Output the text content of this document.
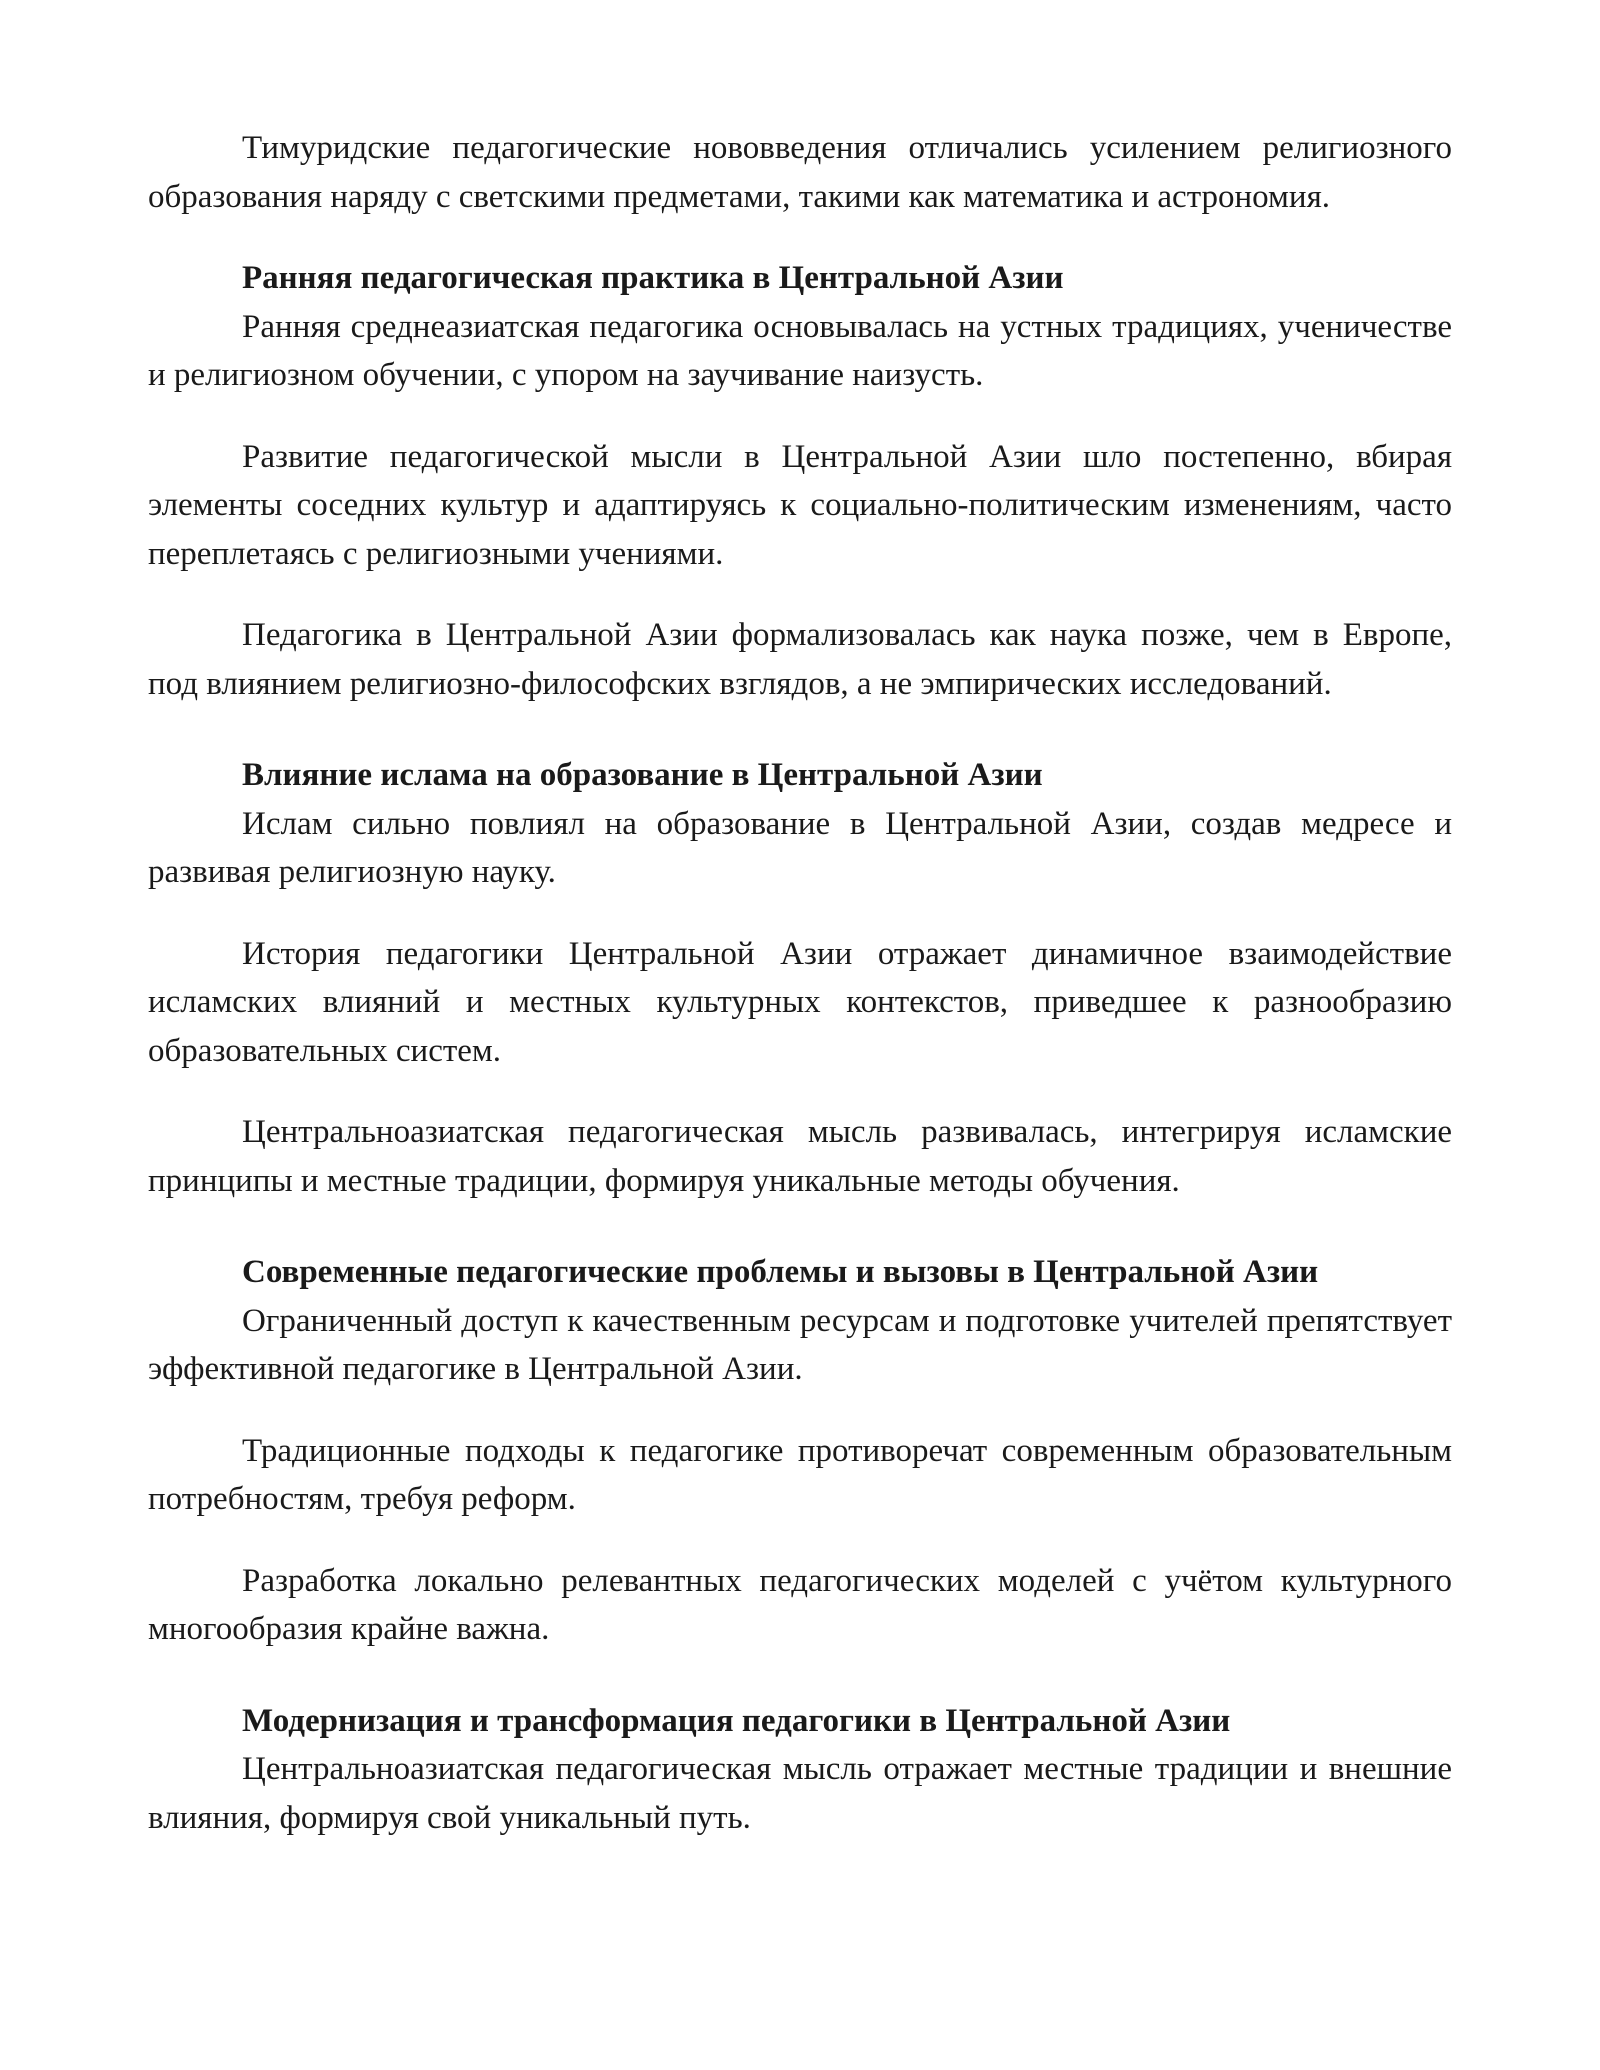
Тимуридские педагогические нововведения отличались усилением религиозного образования наряду с светскими предметами, такими как математика и астрономия.

Ранняя педагогическая практика в Центральной Азии

Ранняя среднеазиатская педагогика основывалась на устных традициях, ученичестве и религиозном обучении, с упором на заучивание наизусть.

Развитие педагогической мысли в Центральной Азии шло постепенно, вбирая элементы соседних культур и адаптируясь к социально-политическим изменениям, часто переплетаясь с религиозными учениями.

Педагогика в Центральной Азии формализовалась как наука позже, чем в Европе, под влиянием религиозно-философских взглядов, а не эмпирических исследований.

Влияние ислама на образование в Центральной Азии

Ислам сильно повлиял на образование в Центральной Азии, создав медресе и развивая религиозную науку.

История педагогики Центральной Азии отражает динамичное взаимодействие исламских влияний и местных культурных контекстов, приведшее к разнообразию образовательных систем.

Центральноазиатская педагогическая мысль развивалась, интегрируя исламские принципы и местные традиции, формируя уникальные методы обучения.

Современные педагогические проблемы и вызовы в Центральной Азии

Ограниченный доступ к качественным ресурсам и подготовке учителей препятствует эффективной педагогике в Центральной Азии.

Традиционные подходы к педагогике противоречат современным образовательным потребностям, требуя реформ.

Разработка локально релевантных педагогических моделей с учётом культурного многообразия крайне важна.

Модернизация и трансформация педагогики в Центральной Азии

Центральноазиатская педагогическая мысль отражает местные традиции и внешние влияния, формируя свой уникальный путь.
